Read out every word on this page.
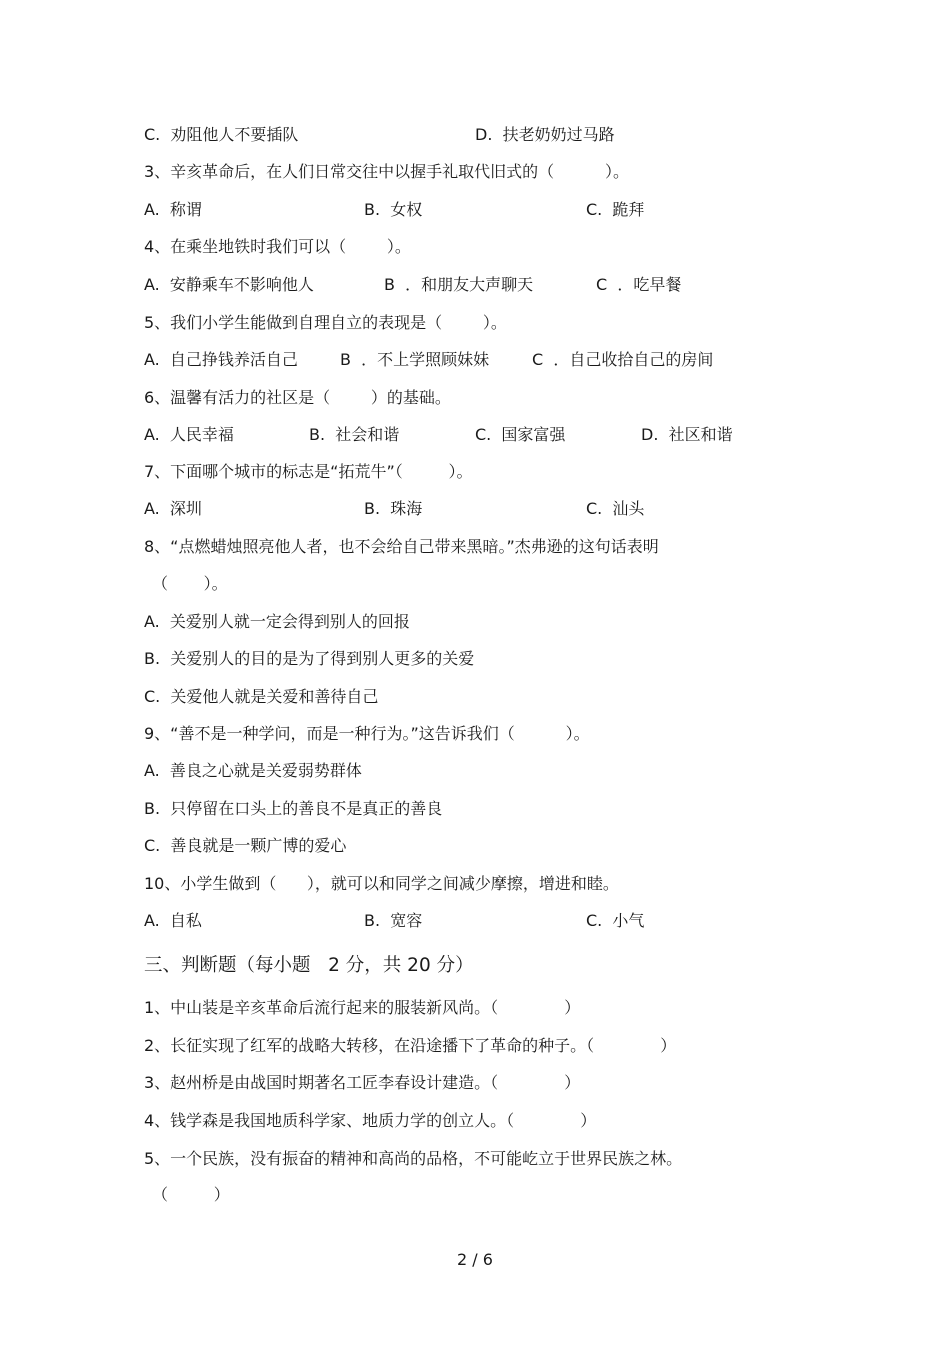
C.  劝阻他人不要插队	D.  扶老奶奶过马路
3、辛亥革命后，在人们日常交往中以握手礼取代旧式的（          ）。
A.  称谓	B.  女权	C.  跪拜
4、在乘坐地铁时我们可以（        ）。
A.  安静乘车不影响他人	B  ．和朋友大声聊天	C  ．吃早餐
5、我们小学生能做到自理自立的表现是（        ）。
A.  自己挣钱养活自己	B  ．不上学照顾妹妹	C  ．自己收拾自己的房间
6、温馨有活力的社区是（        ）的基础。
A.  人民幸福	B.  社会和谐	C.  国家富强	D.  社区和谐
7、下面哪个城市的标志是“拓荒牛”（         ）。
A.  深圳	B.  珠海	C.  汕头
8、“点燃蜡烛照亮他人者，也不会给自己带来黑暗。”杰弗逊的这句话表明
（       ）。
A.  关爱别人就一定会得到别人的回报
B.  关爱别人的目的是为了得到别人更多的关爱
C.  关爱他人就是关爱和善待自己
9、“善不是一种学问，而是一种行为。”这告诉我们（          ）。
A.  善良之心就是关爱弱势群体
B.  只停留在口头上的善良不是真正的善良
C.  善良就是一颗广博的爱心
10、小学生做到（      ），就可以和同学之间减少摩擦，增进和睦。
A.  自私	B.  宽容	C.  小气
三、判断题（每小题   2 分，共 20 分）
1、中山装是辛亥革命后流行起来的服装新风尚。（             ）
2、长征实现了红军的战略大转移，在沿途播下了革命的种子。（             ）
3、赵州桥是由战国时期著名工匠李春设计建造。（             ）
4、钱学森是我国地质科学家、地质力学的创立人。（             ）
5、一个民族，没有振奋的精神和高尚的品格，不可能屹立于世界民族之林。
（         ）
2 / 6
